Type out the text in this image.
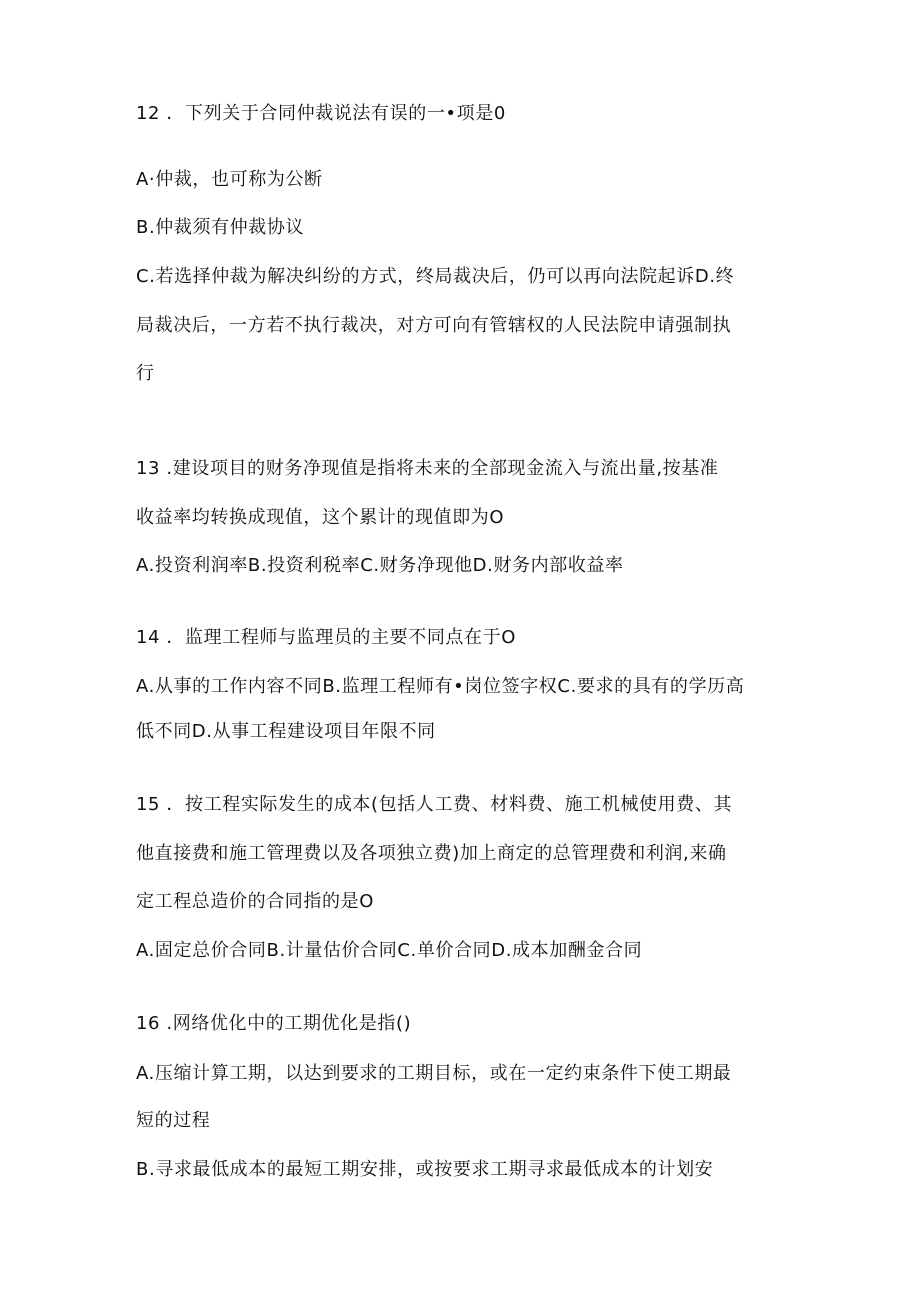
12 ．下列关于合同仲裁说法有误的一•项是0
A·仲裁，也可称为公断
B.仲裁须有仲裁协议
C.若选择仲裁为解决纠纷的方式，终局裁决后，仍可以再向法院起诉D.终
局裁决后，一方若不执行裁决，对方可向有管辖权的人民法院申请强制执
行
13 .建设项目的财务净现值是指将未来的全部现金流入与流出量,按基准
收益率均转换成现值，这个累计的现值即为O
A.投资利润率B.投资利税率C.财务净现他D.财务内部收益率
14 ．监理工程师与监理员的主要不同点在于O
A.从事的工作内容不同B.监理工程师有•岗位签字权C.要求的具有的学历高
低不同D.从事工程建设项目年限不同
15 ．按工程实际发生的成本(包括人工费、材料费、施工机械使用费、其
他直接费和施工管理费以及各项独立费)加上商定的总管理费和利润,来确
定工程总造价的合同指的是O
A.固定总价合同B.计量估价合同C.单价合同D.成本加酬金合同
16 .网络优化中的工期优化是指()
A.压缩计算工期，以达到要求的工期目标，或在一定约束条件下使工期最
短的过程
B.寻求最低成本的最短工期安排，或按要求工期寻求最低成本的计划安
